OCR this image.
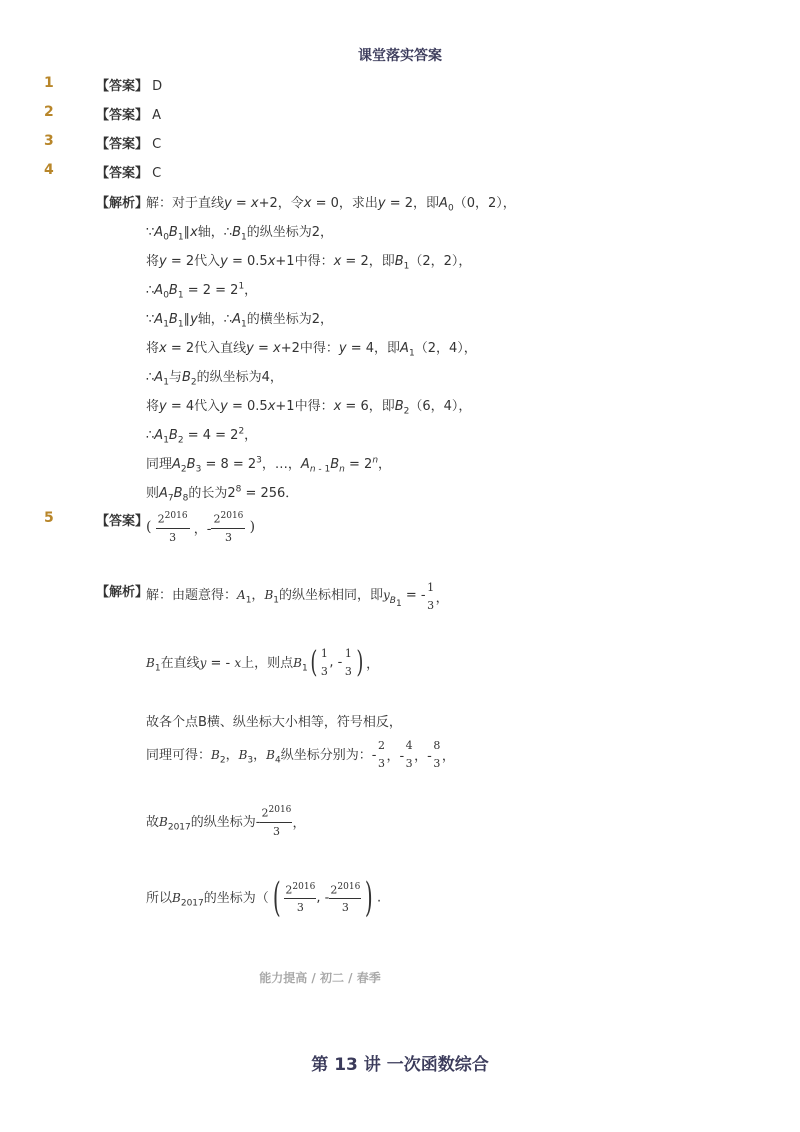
课堂落实答案
1	【答案】 D
2	【答案】 A
3	【答案】 C
4	【答案】 C
【解析】
解：对于直线y = x+2，令x = 0，求出y = 2，即$A_0(0$，2），
$\because A_0B_1\parallel x$轴，$\therefore B_1$的纵坐标为2，
将y = 2代入y = 0.5x+1中得：x = 2，即$B_1(2$，2），
$\therefore A_0B_1 = 2 = 2^1$，
$\because A_1B_1\parallel y$轴，$\therefore A_1$的横坐标为2，
将x = 2代入直线y = x+2中得：y = 4，即$A_1(2$，4），
$\therefore A_1$与$B_2$的纵坐标为4，
将y = 4代入y = 0.5x+1中得：x = 6，即$B_2(6$，4），
$\therefore A_1B_2 = 4 = 2^2$，
同理$A_2B_3 = 8 = 2^3$，…，$A_{n - 1}B_n = 2^n$，
则$A_7B_8$的长为$2^8 = 256$．
5	【答案】
( $\frac{2^{2016}}{3}$ ，- $\frac{2^{2016}}{3}$ )
【解析】
解：由题意得：$A_1$，$B_1$的纵坐标相同，即$y_{B_1}$ = - $\frac{1}{3}$ ，
$B_1$在直线y = - x上，则点$B_1( \frac{1}{3}$ , - $\frac{1}{3}$ ) ，
故各个点B横、纵坐标大小相等，符号相反，
同理可得：$B_2$，$B_3$，$B_4$纵坐标分别为：- $\frac{2}{3}$ ，- $\frac{4}{3}$ ，- $\frac{8}{3}$ ，
故$B_{2017}$的纵坐标为- $\frac{2^{2016}}{3}$ ，
所以$B_{2017}$的坐标为（( $\frac{2^{2016}}{3}$ , - $\frac{2^{2016}}{3}$ ) .
能力提高 / 初二 / 春季
第 13 讲 一次函数综合
